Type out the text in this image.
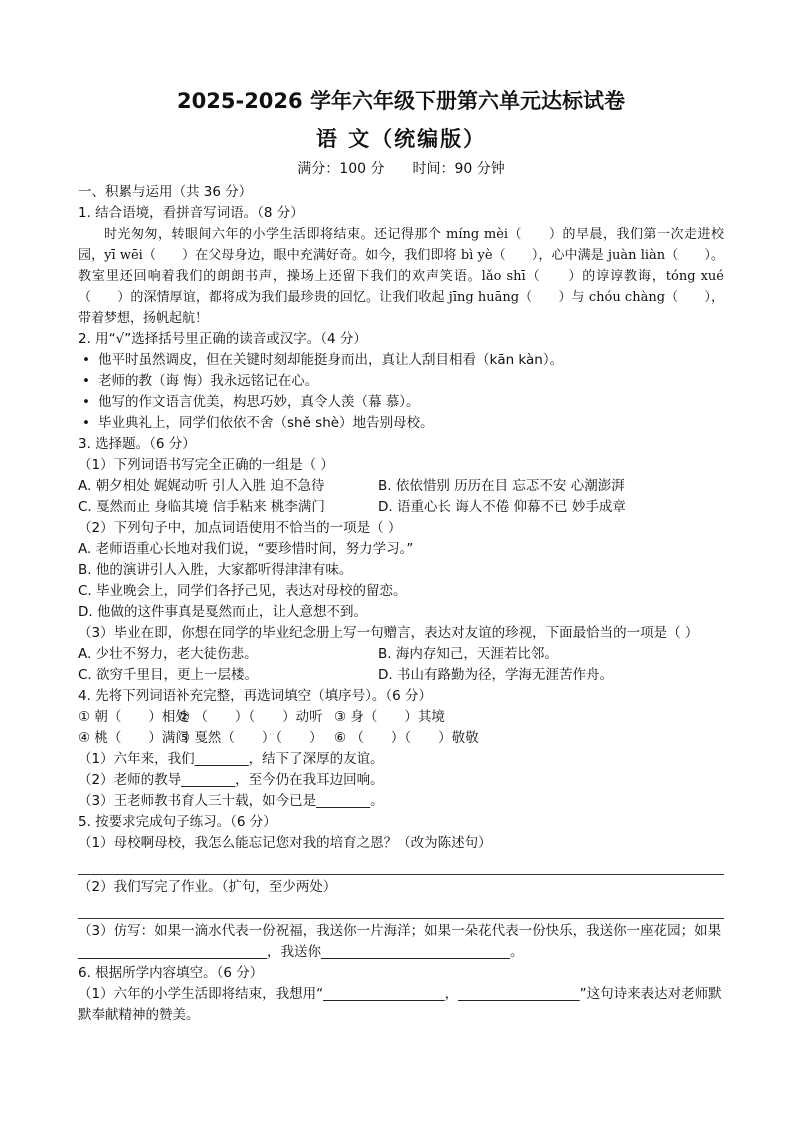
2025-2026 学年六年级下册第六单元达标试卷
语 文（统编版）
满分：100 分 时间：90 分钟
一、积累与运用（共 36 分）
1. 结合语境，看拼音写词语。（8 分）
时光匆匆，转眼间六年的小学生活即将结束。还记得那个 míng mèi（　　）的早晨，我们第一次走进校园，yī wēi（　　）在父母身边，眼中充满好奇。如今，我们即将 bì yè（　　），心中满是 juàn liàn（　　）。教室里还回响着我们的朗朗书声，操场上还留下我们的欢声笑语。lǎo shī（　　）的谆谆教诲，tóng xué（　　）的深情厚谊，都将成为我们最珍贵的回忆。让我们收起 jīng huāng（　　）与 chóu chàng（　　），带着梦想，扬帆起航！
2. 用“√”选择括号里正确的读音或汉字。（4 分）
• 他平时虽然调皮，但在关键时刻却能挺身而出，真让人刮目相看（kān kàn）。
• 老师的教（诲 悔）我永远铭记在心。
• 他写的作文语言优美，构思巧妙，真令人羡（幕 慕）。
• 毕业典礼上，同学们依依不舍（shě shè）地告别母校。
3. 选择题。（6 分）
（1）下列词语书写完全正确的一组是（ ）
A. 朝夕相处 娓娓动听 引人入胜 迫不急待	B. 依依惜别 历历在目 忘忑不安 心潮澎湃
C. 戛然而止 身临其境 信手粘来 桃李满门	D. 语重心长 诲人不倦 仰幕不已 妙手成章
（2）下列句子中，加点词语使用不恰当的一项是（ ）
A. 老师语重心长地对我们说，“要珍惜时间，努力学习。”
B. 他的演讲引人入胜，大家都听得津津有味。
C. 毕业晚会上，同学们各抒己见，表达对母校的留恋。
D. 他做的这件事真是戛然而止，让人意想不到。
（3）毕业在即，你想在同学的毕业纪念册上写一句赠言，表达对友谊的珍视，下面最恰当的一项是（ ）
A. 少壮不努力，老大徒伤悲。	B. 海内存知己，天涯若比邻。
C. 欲穷千里目，更上一层楼。	D. 书山有路勤为径，学海无涯苦作舟。
4. 先将下列词语补充完整，再选词填空（填序号）。（6 分）
① 朝（　　）相处
② （　　）（　　）动听 ③ 身（　　）其境
④ 桃（　　）满门
⑤ 戛然（　　）（　　） ⑥ （　　）（　　）敬敬
（1）六年来，我们________，结下了深厚的友谊。
（2）老师的教导________，至今仍在我耳边回响。
（3）王老师教书育人三十载，如今已是________。
5. 按要求完成句子练习。（6 分）
（1）母校啊母校，我怎么能忘记您对我的培育之恩？（改为陈述句）
（2）我们写完了作业。（扩句，至少两处）
（3）仿写：如果一滴水代表一份祝福，我送你一片海洋；如果一朵花代表一份快乐，我送你一座花园；如果____________________________，我送你____________________________。
6. 根据所学内容填空。（6 分）
（1）六年的小学生活即将结束，我想用“__________________，__________________”这句诗来表达对老师默默奉献精神的赞美。
